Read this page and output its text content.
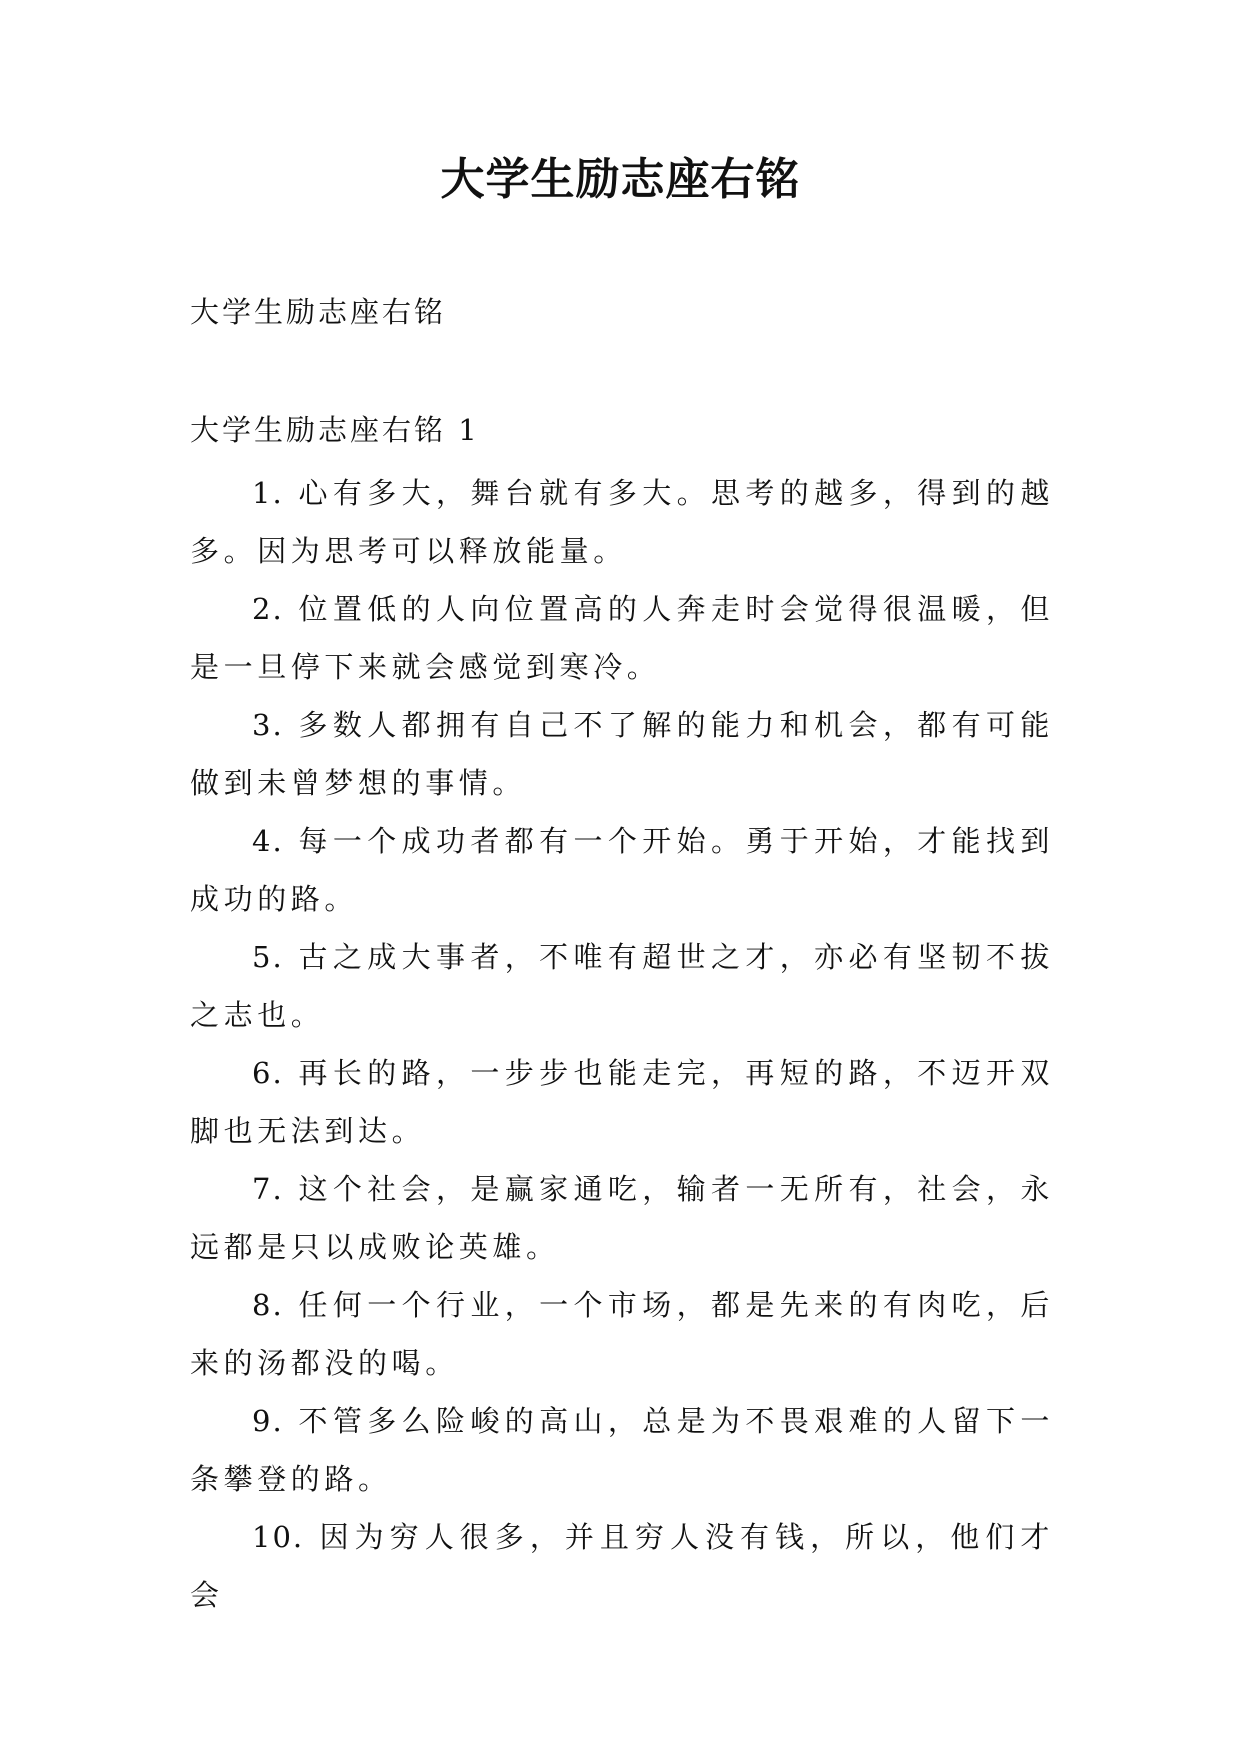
大学生励志座右铭

大学生励志座右铭

大学生励志座右铭 1

1. 心有多大，舞台就有多大。思考的越多，得到的越多。因为思考可以释放能量。
2. 位置低的人向位置高的人奔走时会觉得很温暖，但是一旦停下来就会感觉到寒冷。
3. 多数人都拥有自己不了解的能力和机会，都有可能做到未曾梦想的事情。
4. 每一个成功者都有一个开始。勇于开始，才能找到成功的路。
5. 古之成大事者，不唯有超世之才，亦必有坚韧不拔之志也。
6. 再长的路，一步步也能走完，再短的路，不迈开双脚也无法到达。
7. 这个社会，是赢家通吃，输者一无所有，社会，永远都是只以成败论英雄。
8. 任何一个行业，一个市场，都是先来的有肉吃，后来的汤都没的喝。
9. 不管多么险峻的高山，总是为不畏艰难的人留下一条攀登的路。
10. 因为穷人很多，并且穷人没有钱，所以，他们才会
